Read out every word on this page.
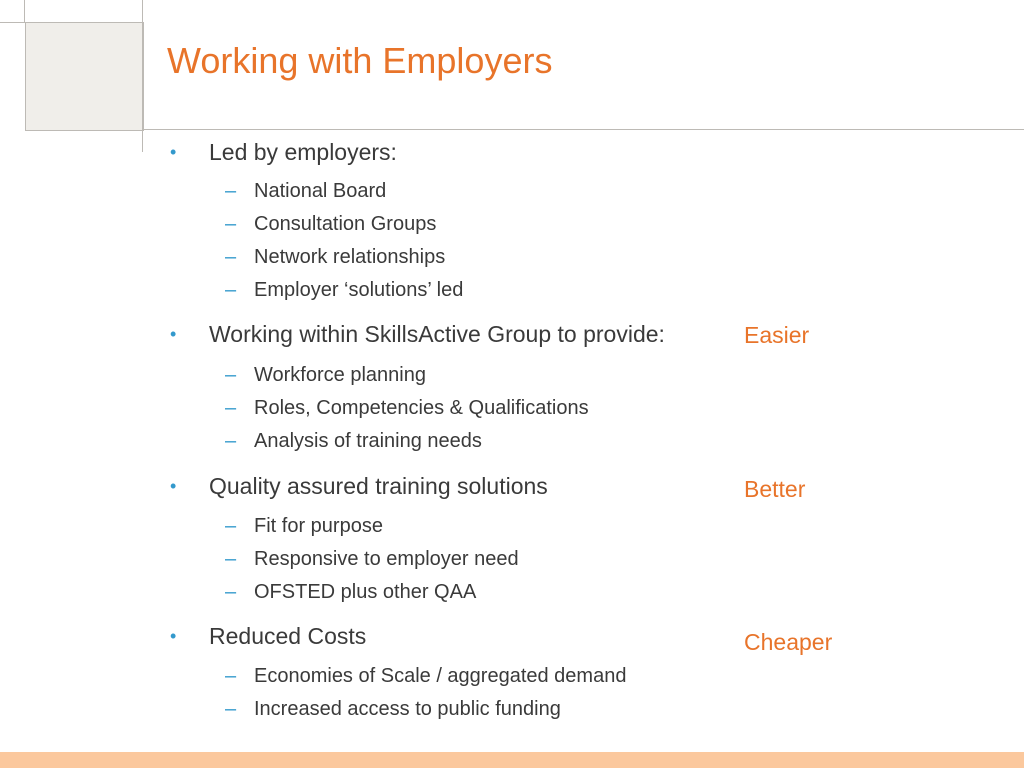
Working with Employers
• Led by employers:
– National Board
– Consultation Groups
– Network relationships
– Employer ‘solutions’ led
• Working within SkillsActive Group to provide:	Easier
– Workforce planning
– Roles, Competencies & Qualifications
– Analysis of training needs
• Quality assured training solutions	Better
– Fit for purpose
– Responsive to employer need
– OFSTED plus other QAA
• Reduced Costs	Cheaper
– Economies of Scale / aggregated demand
– Increased access to public funding
